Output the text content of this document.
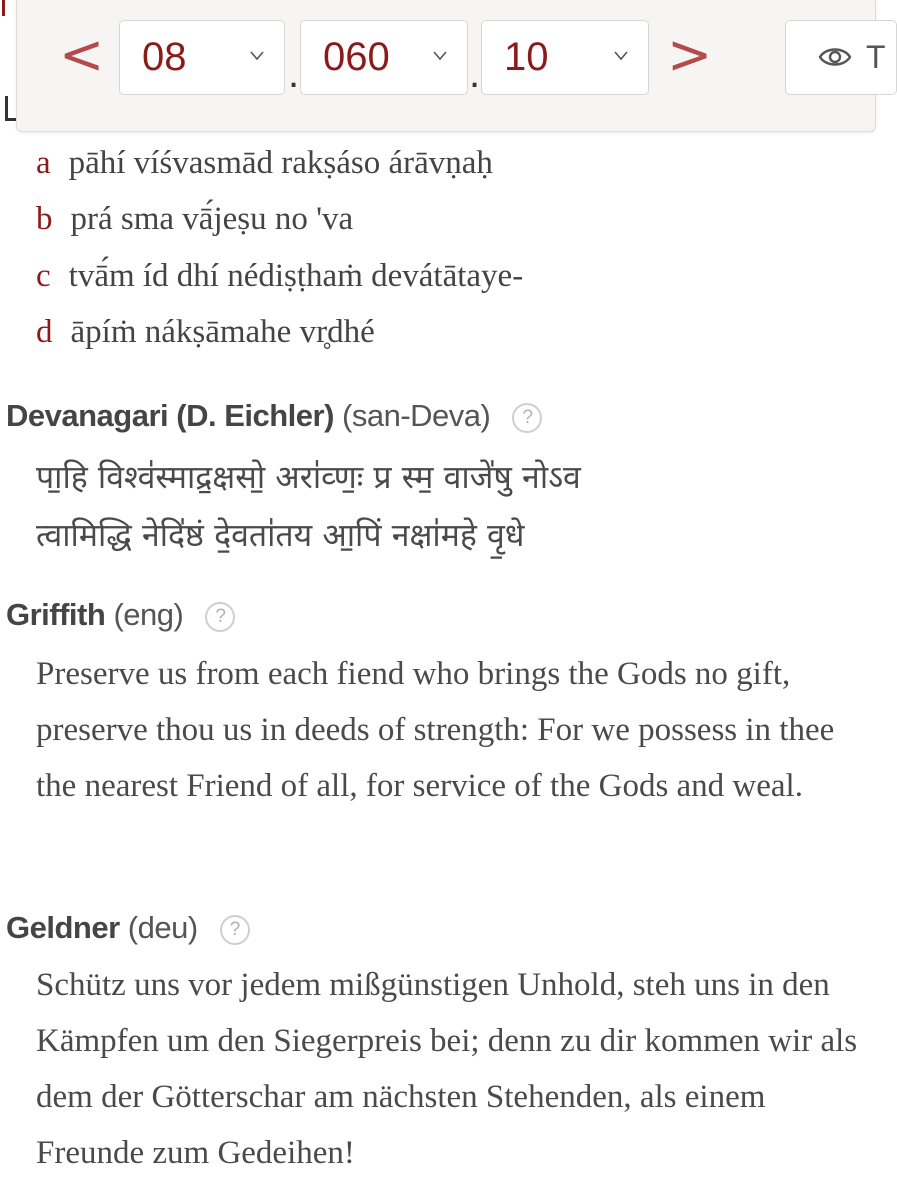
< 08	. 060 . 10 >	T
a pāhí víśvasmād rakṣáso árāvṇaḥ
b prá sma vā́jeṣu no 'va
c tvā́m íd dhí nédiṣṭhaṁ devátātaye-
d āpíṁ nákṣāmahe vr̥dhé
Devanagari (D. Eichler) (san-Deva) ?
पा॒हि विश्व॑स्माद्र॒क्षसो॒ अरा॑व्णः॒ प्र स्म॒ वाजे॑षु नोऽव
त्वामिद्धि नेदि॑ष्ठं दे॒वता॑तय आ॒पिं नक्षा॑महे वृ॒धे
Griffith (eng) ?
Preserve us from each fiend who brings the Gods no gift, preserve thou us in deeds of strength: For we possess in thee the nearest Friend of all, for service of the Gods and weal.
Geldner (deu) ?
Schütz uns vor jedem mißgünstigen Unhold, steh uns in den Kämpfen um den Siegerpreis bei; denn zu dir kommen wir als dem der Götterschar am nächsten Stehenden, als einem Freunde zum Gedeihen!
